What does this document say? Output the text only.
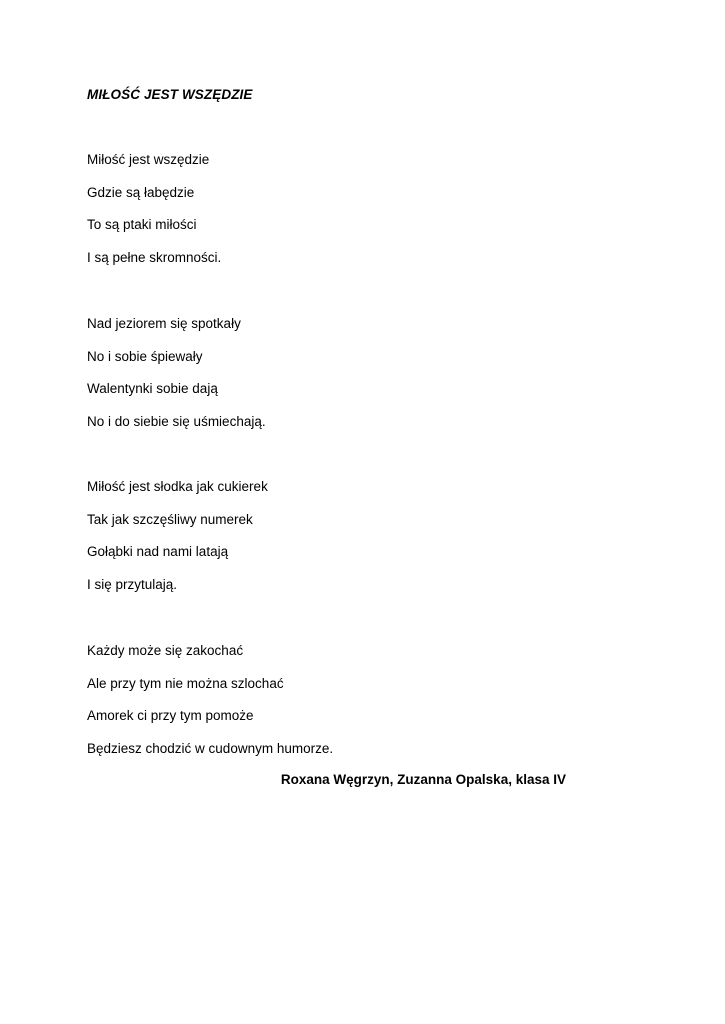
MIŁOŚĆ JEST WSZĘDZIE
Miłość jest wszędzie
Gdzie są łabędzie
To są ptaki miłości
I są pełne skromności.
Nad jeziorem się spotkały
No i sobie śpiewały
Walentynki sobie dają
No i do siebie się uśmiechają.
Miłość jest słodka jak cukierek
Tak jak szczęśliwy numerek
Gołąbki nad nami latają
I się przytulają.
Każdy może się zakochać
Ale przy tym nie można szlochać
Amorek ci przy tym pomoże
Będziesz chodzić w cudownym humorze.
Roxana Węgrzyn, Zuzanna Opalska, klasa IV
